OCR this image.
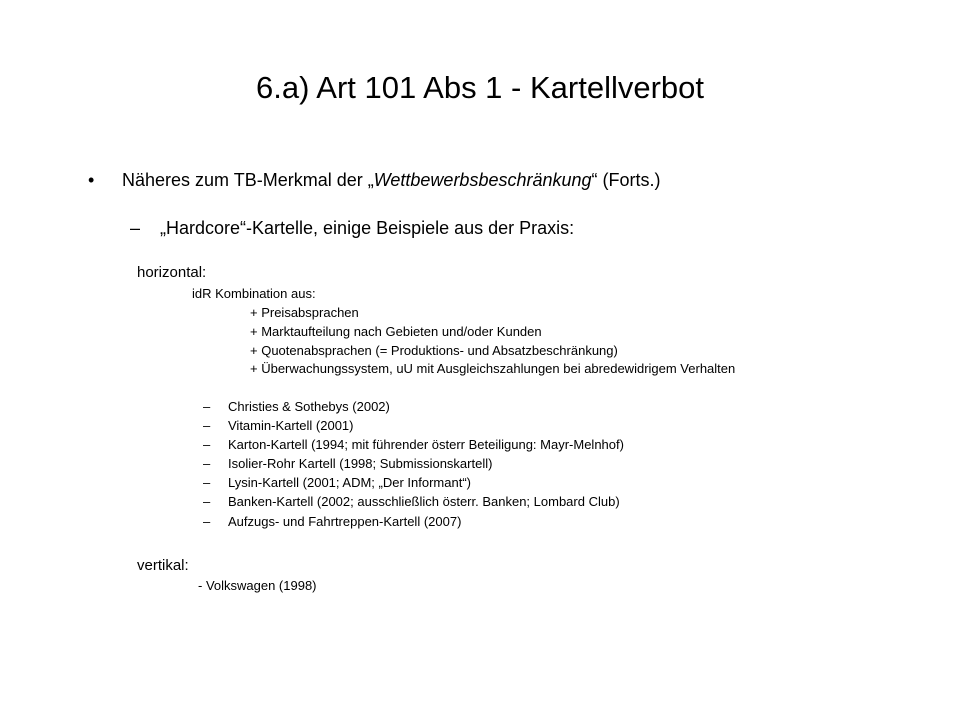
6.a) Art 101 Abs 1 - Kartellverbot
• Näheres zum TB-Merkmal der „Wettbewerbsbeschränkung“ (Forts.)
– „Hardcore“-Kartelle, einige Beispiele aus der Praxis:
horizontal:
idR Kombination aus:
+ Preisabsprachen
+ Marktaufteilung nach Gebieten und/oder Kunden
+ Quotenabsprachen (= Produktions- und Absatzbeschränkung)
+ Überwachungssystem, uU mit Ausgleichszahlungen bei abredewidrigem Verhalten
– Christies & Sothebys (2002)
– Vitamin-Kartell (2001)
– Karton-Kartell (1994; mit führender österr Beteiligung: Mayr-Melnhof)
– Isolier-Rohr Kartell (1998; Submissionskartell)
– Lysin-Kartell (2001; ADM; „Der Informant“)
– Banken-Kartell (2002; ausschließlich österr. Banken; Lombard Club)
– Aufzugs- und Fahrtreppen-Kartell (2007)
vertikal:
- Volkswagen (1998)
